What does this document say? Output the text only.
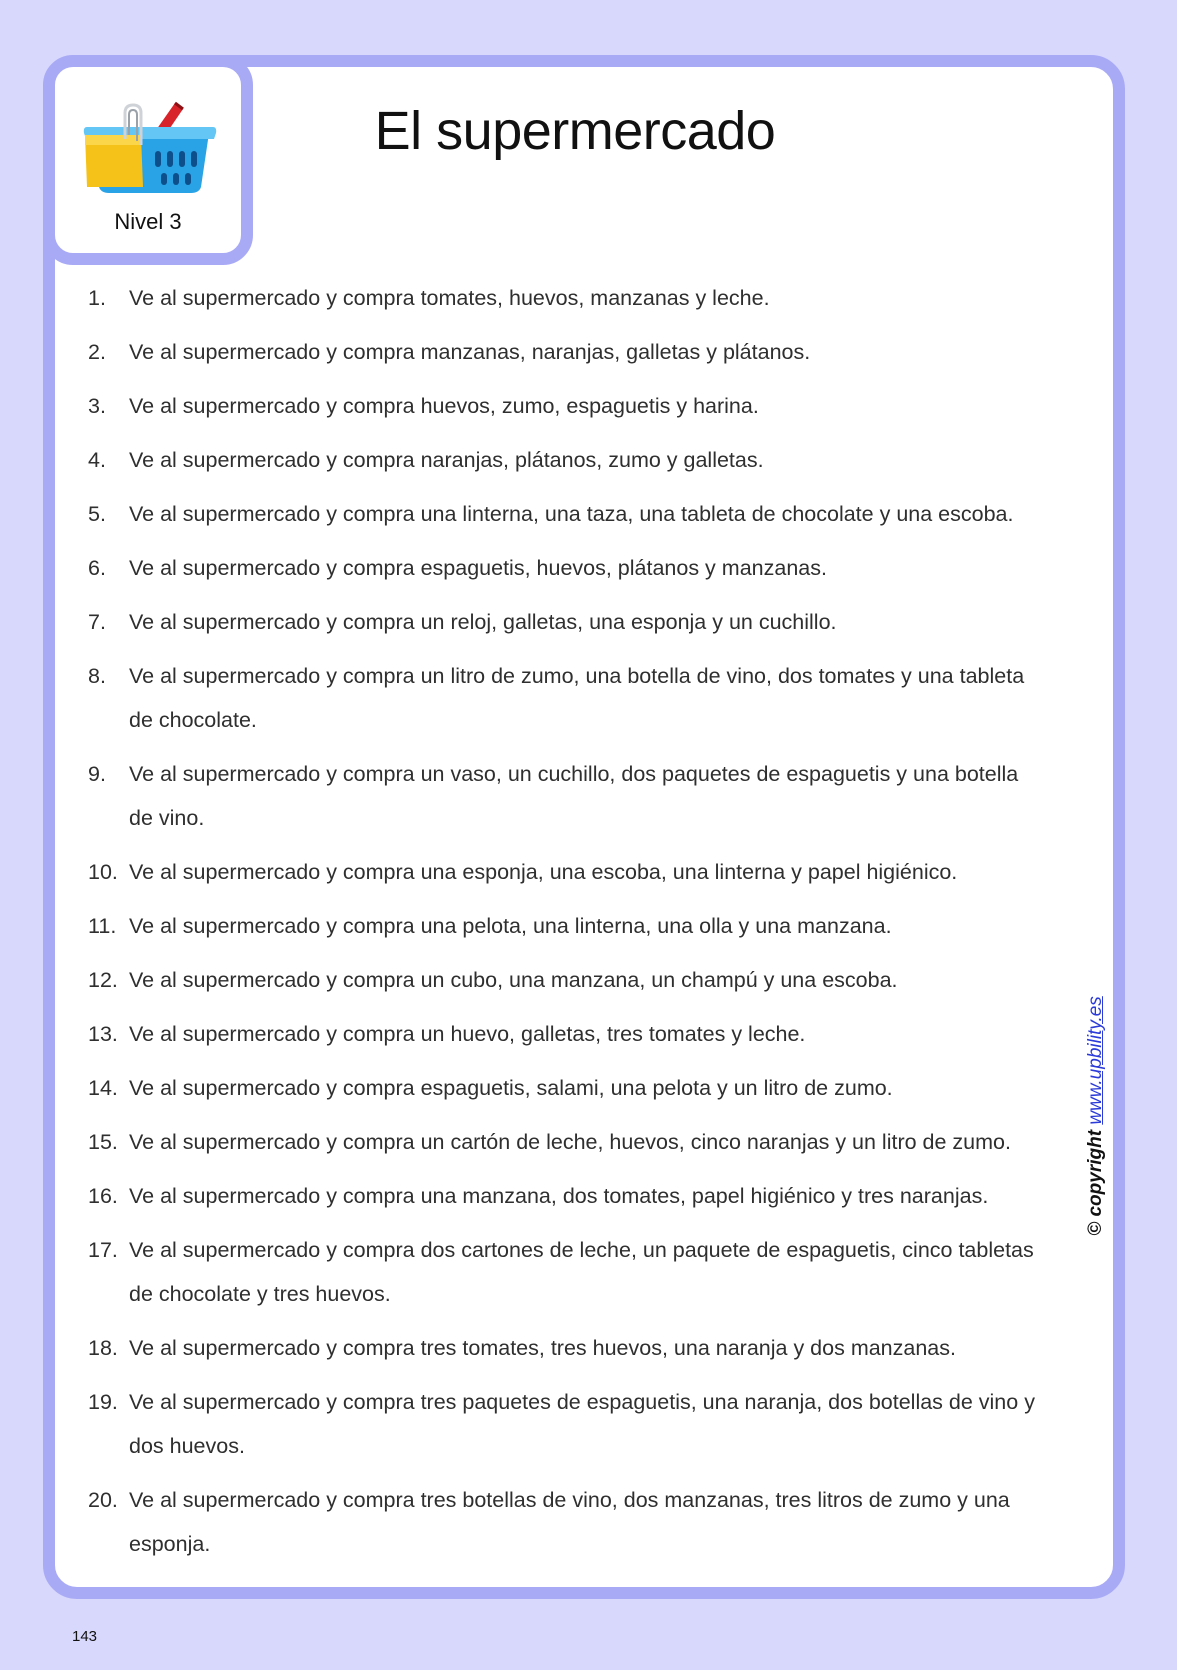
Nivel 3
El supermercado
1.	Ve al supermercado y compra tomates, huevos, manzanas y leche.
2.	Ve al supermercado y compra manzanas, naranjas, galletas y plátanos.
3.	Ve al supermercado y compra huevos, zumo, espaguetis y harina.
4.	Ve al supermercado y compra naranjas, plátanos, zumo y galletas.
5.	Ve al supermercado y compra una linterna, una taza, una tableta de chocolate y una escoba.
6.	Ve al supermercado y compra espaguetis, huevos, plátanos y manzanas.
7.	Ve al supermercado y compra un reloj, galletas, una esponja y un cuchillo.
8.	Ve al supermercado y compra un litro de zumo, una botella de vino, dos tomates y una tableta de chocolate.
9.	Ve al supermercado y compra un vaso, un cuchillo, dos paquetes de espaguetis y una botella de vino.
10. Ve al supermercado y compra una esponja, una escoba, una linterna y papel higiénico.
11. Ve al supermercado y compra una pelota, una linterna, una olla y una manzana.
12. Ve al supermercado y compra un cubo, una manzana, un champú y una escoba.
13. Ve al supermercado y compra un huevo, galletas, tres tomates y leche.
14. Ve al supermercado y compra espaguetis, salami, una pelota y un litro de zumo.
15. Ve al supermercado y compra un cartón de leche, huevos, cinco naranjas y un litro de zumo.
16. Ve al supermercado y compra una manzana, dos tomates, papel higiénico y tres naranjas.
17. Ve al supermercado y compra dos cartones de leche, un paquete de espaguetis, cinco tabletas de chocolate y tres huevos.
18. Ve al supermercado y compra tres tomates, tres huevos, una naranja y dos manzanas.
19. Ve al supermercado y compra tres paquetes de espaguetis, una naranja, dos botellas de vino y dos huevos.
20. Ve al supermercado y compra tres botellas de vino, dos manzanas, tres litros de zumo y una esponja.
© copyright www.upbility.es
143
